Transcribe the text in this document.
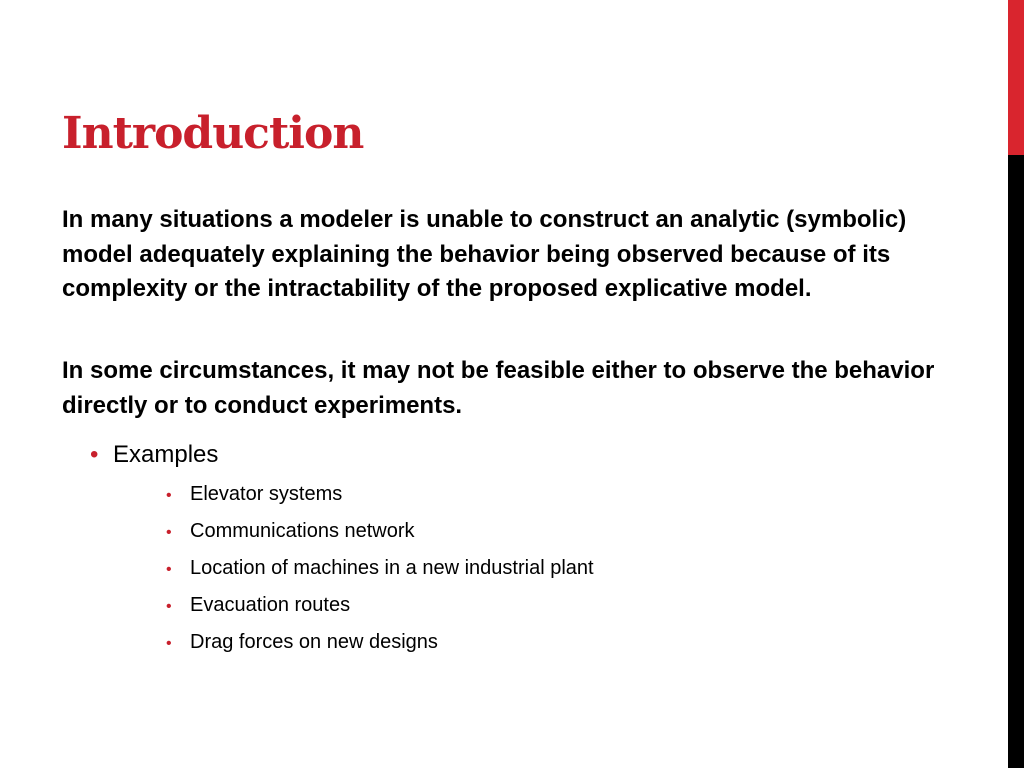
Introduction

In many situations a modeler is unable to construct an analytic (symbolic) model adequately explaining the behavior being observed because of its complexity or the intractability of the proposed explicative model.

In some circumstances, it may not be feasible either to observe the behavior directly or to conduct experiments.

• Examples
• Elevator systems
• Communications network
• Location of machines in a new industrial plant
• Evacuation routes
• Drag forces on new designs
